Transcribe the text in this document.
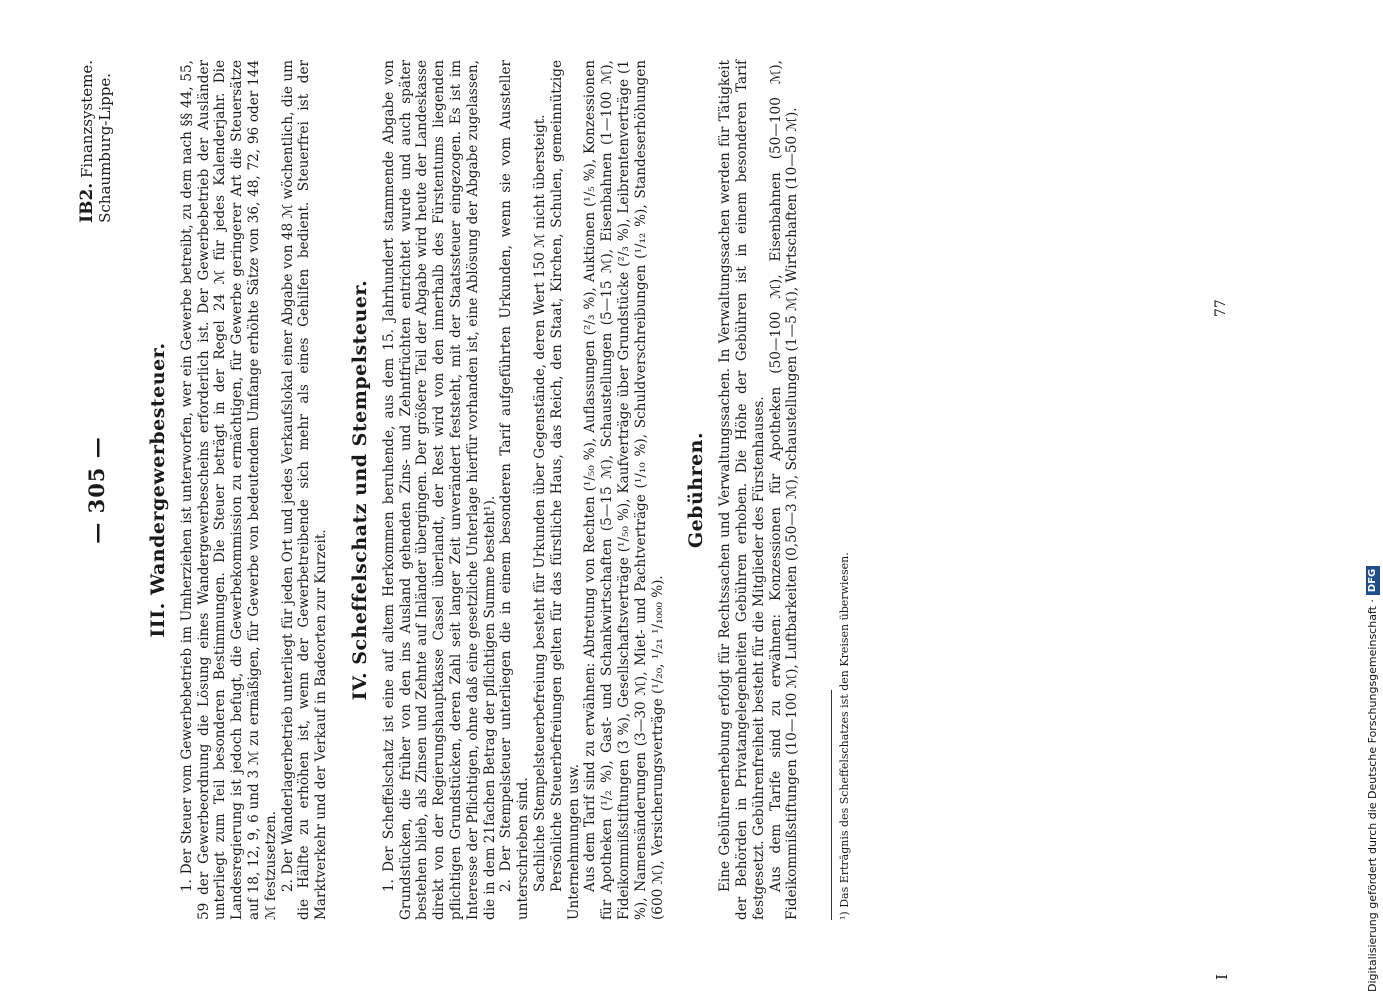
— 305 —
IB2. Finanzsysteme.
Schaumburg-Lippe.
III. Wandergewerbesteuer. 1. Der Steuer vom Gewerbebetrieb im Umherziehen ist unterworfen, wer ein Gewerbe betreibt, zu dem nach §§ 44, 55, 59 der Gewerbeordnung die Lösung eines Wandergewerbescheins erforderlich ist. Der Gewerbebetrieb der Ausländer unterliegt zum Teil besonderen Bestimmungen. Die Steuer beträgt in der Regel 24 ℳ für jedes Kalenderjahr. Die Landesregierung ist jedoch befugt, die Gewerbekommission zu ermächtigen, für Gewerbe geringerer Art die Steuersätze auf 18, 12, 9, 6 und 3 ℳ zu ermäßigen, für Gewerbe von bedeutendem Umfange erhöhte Sätze von 36, 48, 72, 96 oder 144 ℳ festzusetzen. 2. Der Wanderlagerbetrieb unterliegt für jeden Ort und jedes Verkaufslokal einer Abgabe von 48 ℳ wöchentlich, die um die Hälfte zu erhöhen ist, wenn der Gewerbetreibende sich mehr als eines Gehilfen bedient. Steuerfrei ist der Marktverkehr und der Verkauf in Badeorten zur Kurzeit.

IV. Scheffelschatz und Stempelsteuer. 1. Der Scheffelschatz ist eine auf altem Herkommen beruhende, aus dem 15. Jahrhundert stammende Abgabe von Grundstücken, die früher von den ins Ausland gehenden Zins- und Zehntfrüchten entrichtet wurde und auch später bestehen blieb, als Zinsen und Zehnte auf Inländer übergingen. Der größere Teil der Abgabe wird heute der Landeskasse direkt von der Regierungshauptkasse Cassel überlandt, der Rest wird von den innerhalb des Fürstentums liegenden pflichtigen Grundstücken, deren Zahl seit langer Zeit unverändert feststeht, mit der Staatssteuer eingezogen. Es ist im Interesse der Pflichtigen, ohne daß eine gesetzliche Unterlage hierfür vorhanden ist, eine Ablösung der Abgabe zugelassen, die in dem 21fachen Betrag der pflichtigen Summe besteht¹). 2. Der Stempelsteuer unterliegen die in einem besonderen Tarif aufgeführten Urkunden, wenn sie vom Aussteller unterschrieben sind. Sachliche Stempelsteuerbefreiung besteht für Urkunden über Gegenstände, deren Wert 150 ℳ nicht übersteigt. Persönliche Steuerbefreiungen gelten für das fürstliche Haus, das Reich, den Staat, Kirchen, Schulen, gemeinnützige Unternehmungen usw. Aus dem Tarif sind zu erwähnen: Abtretung von Rechten (¹/₅₀ %), Auflassungen (²/₃ %), Auktionen (¹/₅ %), Konzessionen für Apotheken (¹/₂ %), Gast- und Schankwirtschaften (5—15 ℳ), Schaustellungen (5—15 ℳ), Eisenbahnen (1—100 ℳ), Fideikommißstiftungen (3 %), Gesellschaftsverträge (¹/₅₀ %), Kaufverträge über Grundstücke (²/₃ %), Leibrentenverträge (1 %), Namensänderungen (3—30 ℳ), Miet- und Pachtverträge (¹/₁₀ %), Schuldverschreibungen (¹/₁₂ %), Standeserhöhungen (600 ℳ), Versicherungsverträge (¹/₂₀, ¹/₂₁ ¹/₁₀₀₀ %).

Gebühren. Eine Gebührenerhebung erfolgt für Rechtssachen und Verwaltungssachen. In Verwaltungssachen werden für Tätigkeit der Behörden in Privatangelegenheiten Gebühren erhoben. Die Höhe der Gebühren ist in einem besonderen Tarif festgesetzt. Gebührenfreiheit besteht für die Mitglieder des Fürstenhauses. Aus dem Tarife sind zu erwähnen: Konzessionen für Apotheken (50—100 ℳ), Eisenbahnen (50—100 ℳ), Fideikommißstiftungen (10—100 ℳ), Luftbarkeiten (0,50—3 ℳ), Schaustellungen (1—5 ℳ), Wirtschaften (10—50 ℳ).	¹) Das Erträgnis des Scheffelschatzes ist den Kreisen überwiesen.
I
77
Digitalisierung gefördert durch die Deutsche Forschungsgemeinschaft ·DFG
